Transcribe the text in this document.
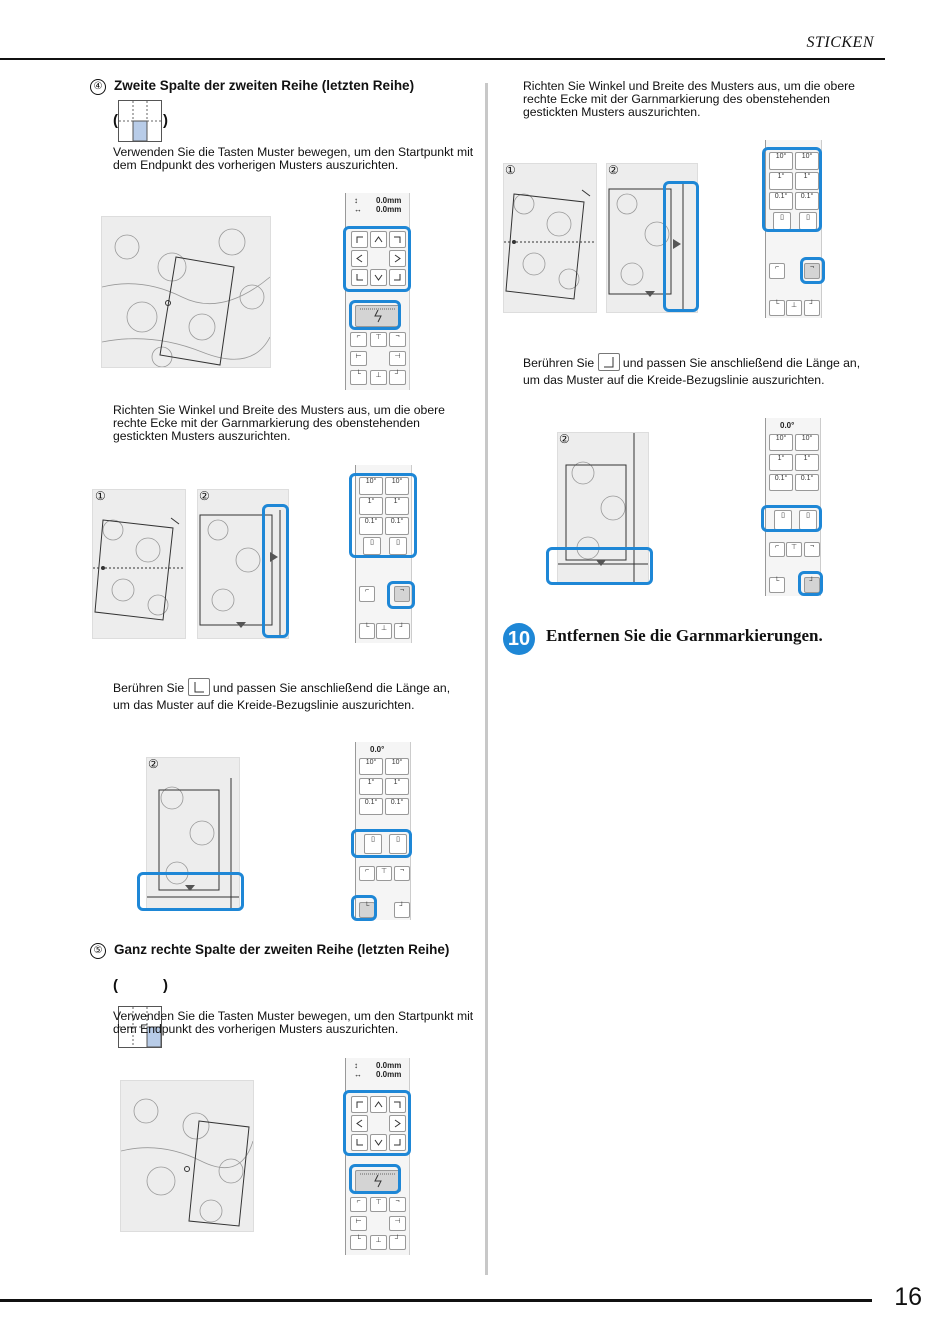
STICKEN
16
④ Zweite Spalte der zweiten Reihe (letzten Reihe)
(	)
Verwenden Sie die Tasten Muster bewegen, um den Startpunkt mit dem Endpunkt des vorherigen Musters auszurichten.
↕ 0.0mm
↔ 0.0mm
⌐	⊤	¬
⊢	⊣
└	⊥	┘
Richten Sie Winkel und Breite des Musters aus, um die obere rechte Ecke mit der Garnmarkierung des obenstehenden gestickten Musters auszurichten.
①	②
10°	10°
1°	1°
0.1°	0.1°
▯	▯
⌐	¬
└	⊥	┘
Berühren Sie und passen Sie anschließend die Länge an,
um das Muster auf die Kreide-Bezugslinie auszurichten.
②
0.0°
10°	10°
1°	1°
0.1°	0.1°
▯	▯
⌐	⊤	¬
└	┘
⑤ Ganz rechte Spalte der zweiten Reihe (letzten Reihe)
(	)
Verwenden Sie die Tasten Muster bewegen, um den Startpunkt mit dem Endpunkt des vorherigen Musters auszurichten.
↕ 0.0mm
↔ 0.0mm
⌐	⊤	¬
⊢	⊣
└	⊥	┘
Richten Sie Winkel und Breite des Musters aus, um die obere rechte Ecke mit der Garnmarkierung des obenstehenden gestickten Musters auszurichten.
①	②
10°	10°
1°	1°
0.1°	0.1°
▯	▯
⌐	¬
└	⊥	┘
Berühren Sie und passen Sie anschließend die Länge an,
um das Muster auf die Kreide-Bezugslinie auszurichten.
②
0.0°
10°	10°
1°	1°
0.1°	0.1°
▯	▯
⌐	⊤	¬
└	┘
10 Entfernen Sie die Garnmarkierungen.
